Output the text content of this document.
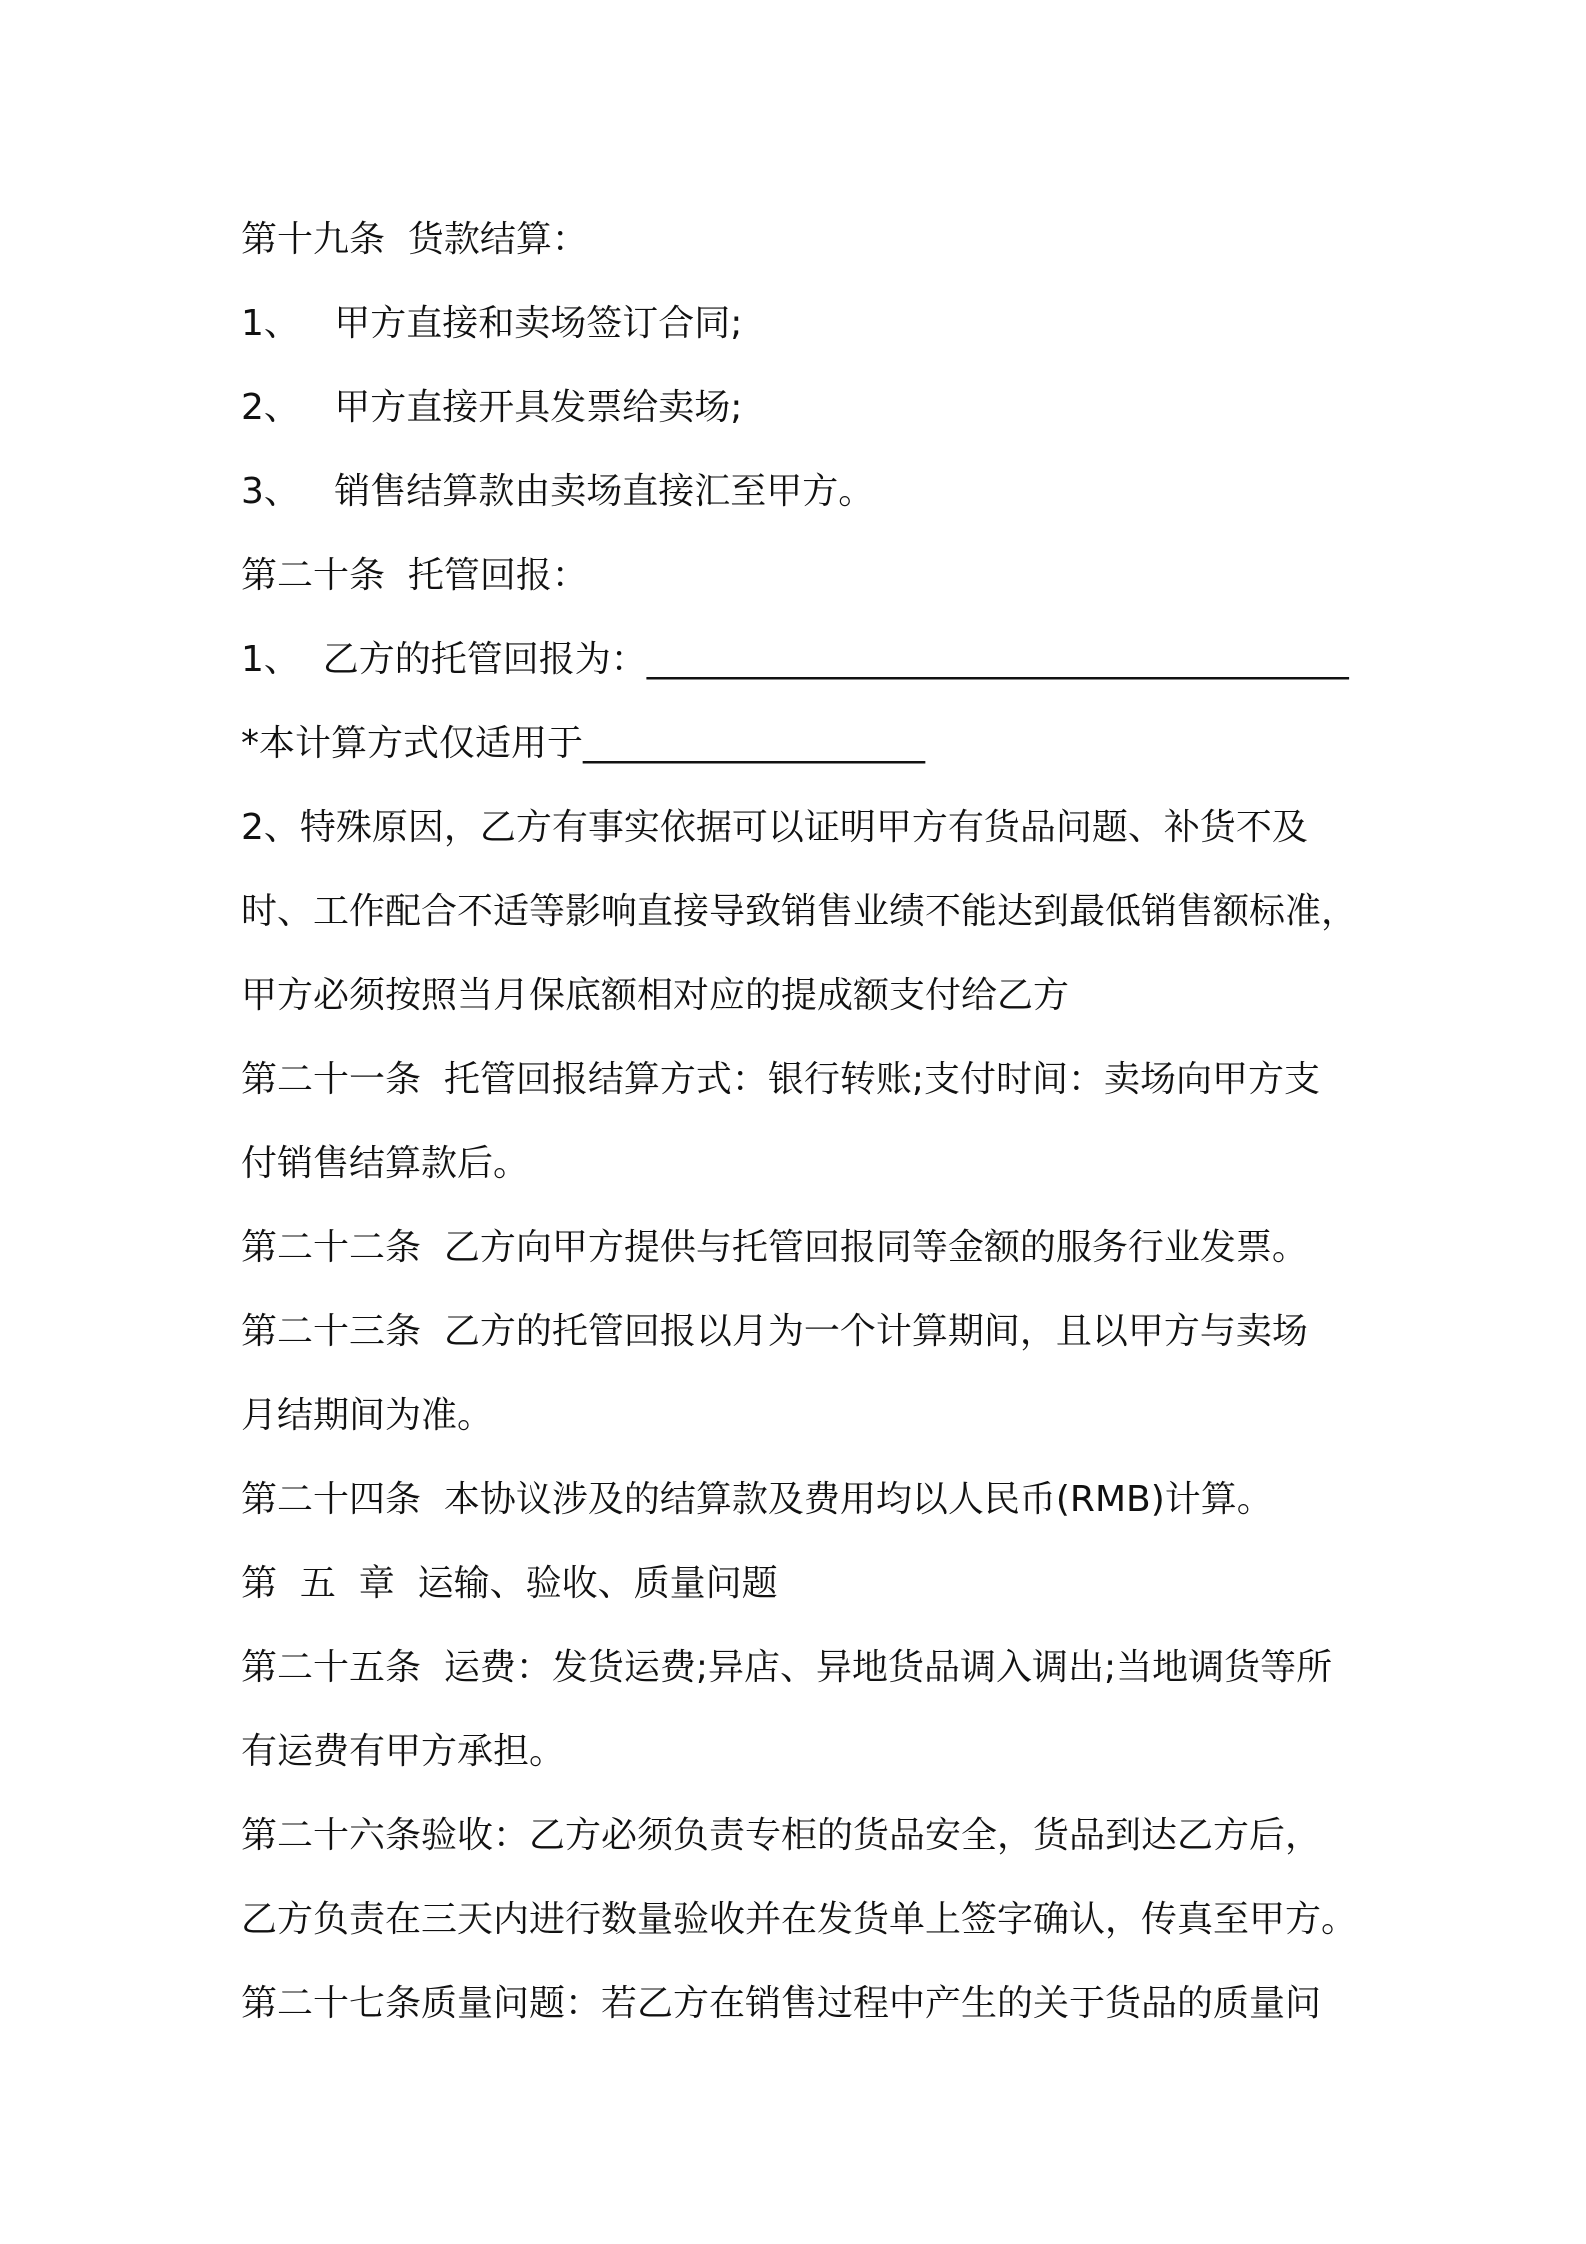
第十九条  货款结算：
1、   甲方直接和卖场签订合同;
2、   甲方直接开具发票给卖场;
3、   销售结算款由卖场直接汇至甲方。
第二十条  托管回报：
1、  乙方的托管回报为：_______________________________________
*本计算方式仅适用于___________________
2、特殊原因，乙方有事实依据可以证明甲方有货品问题、补货不及
时、工作配合不适等影响直接导致销售业绩不能达到最低销售额标准，
甲方必须按照当月保底额相对应的提成额支付给乙方
第二十一条  托管回报结算方式：银行转账;支付时间：卖场向甲方支
付销售结算款后。
第二十二条  乙方向甲方提供与托管回报同等金额的服务行业发票。
第二十三条  乙方的托管回报以月为一个计算期间，且以甲方与卖场
月结期间为准。
第二十四条  本协议涉及的结算款及费用均以人民币(RMB)计算。
第  五  章  运输、验收、质量问题
第二十五条  运费：发货运费;异店、异地货品调入调出;当地调货等所
有运费有甲方承担。
第二十六条验收：乙方必须负责专柜的货品安全，货品到达乙方后，
乙方负责在三天内进行数量验收并在发货单上签字确认，传真至甲方。
第二十七条质量问题：若乙方在销售过程中产生的关于货品的质量问
